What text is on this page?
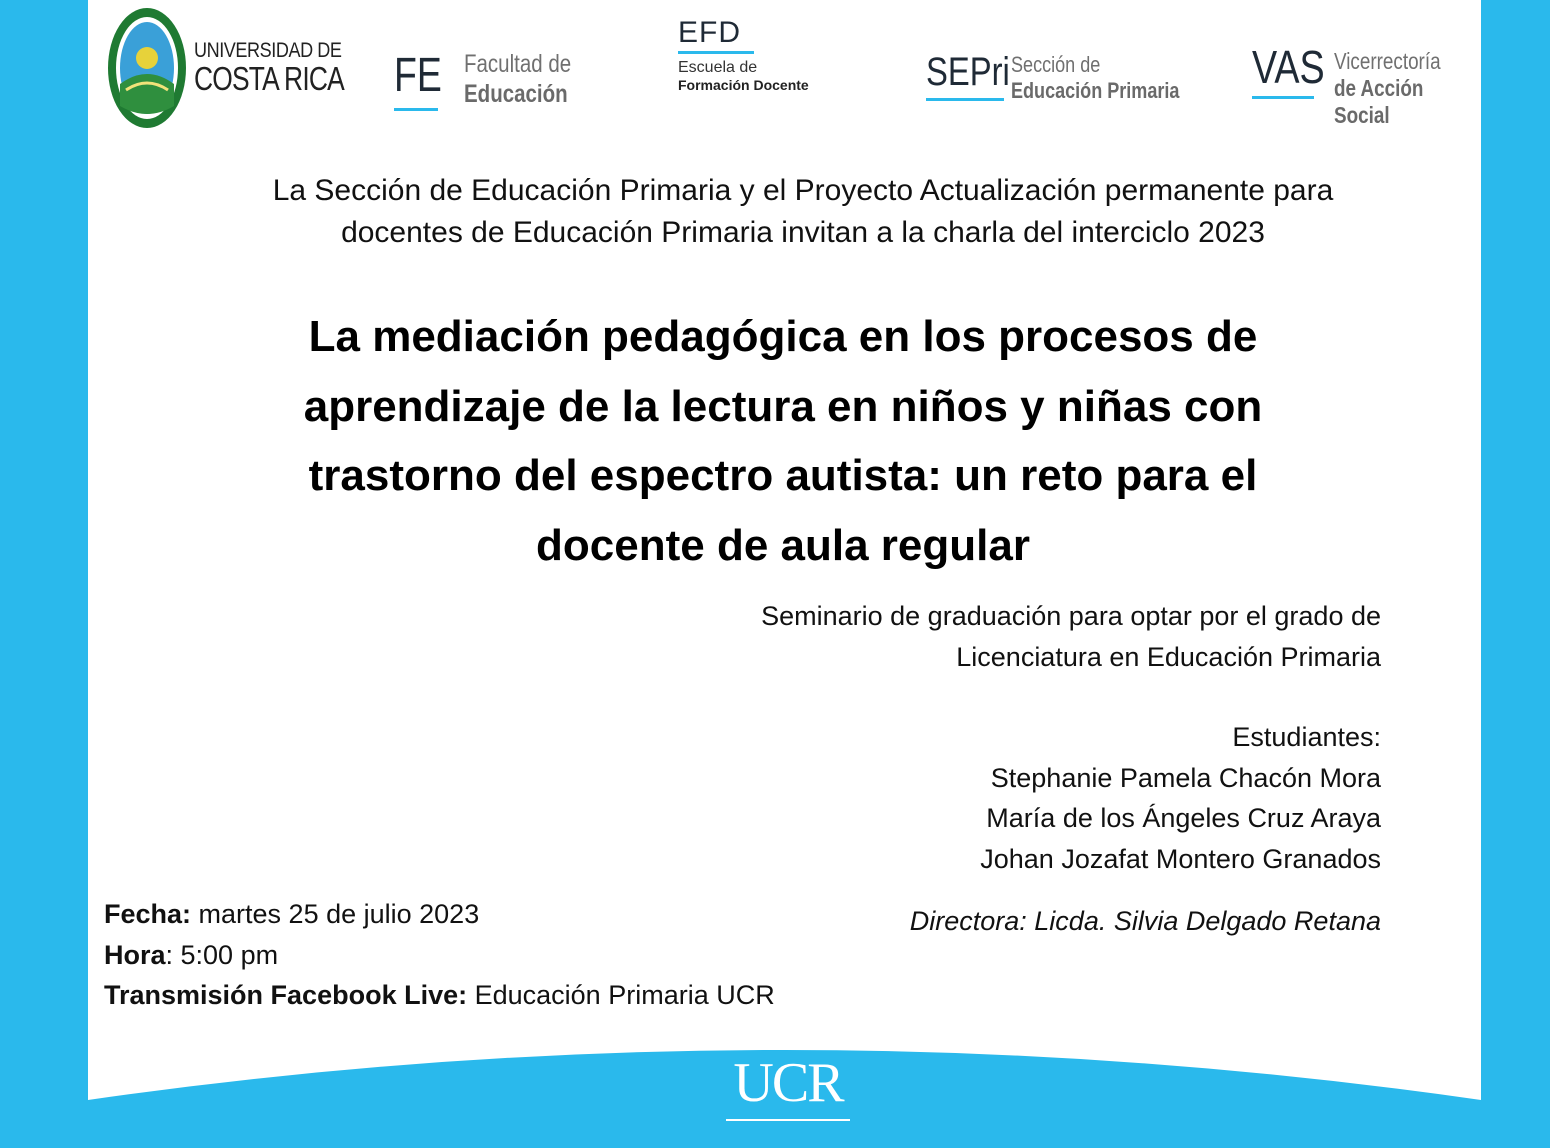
UNIVERSIDAD DE
COSTA RICA FE Facultad de
Educación
EFD
Escuela de
Formación Docente	SEPri Sección de
Educación Primaria VAS Vicerrectoría
de Acción Social
La Sección de Educación Primaria y el Proyecto Actualización permanente para
docentes de Educación Primaria invitan a la charla del interciclo 2023
La mediación pedagógica en los procesos de
aprendizaje de la lectura en niños y niñas con
trastorno del espectro autista: un reto para el
docente de aula regular
Seminario de graduación para optar por el grado de
Licenciatura en Educación Primaria
Estudiantes:
Stephanie Pamela Chacón Mora
María de los Ángeles Cruz Araya
Johan Jozafat Montero Granados
Directora: Licda. Silvia Delgado Retana
Fecha: martes 25 de julio 2023
Hora: 5:00 pm
Transmisión Facebook Live: Educación Primaria UCR
UCR
